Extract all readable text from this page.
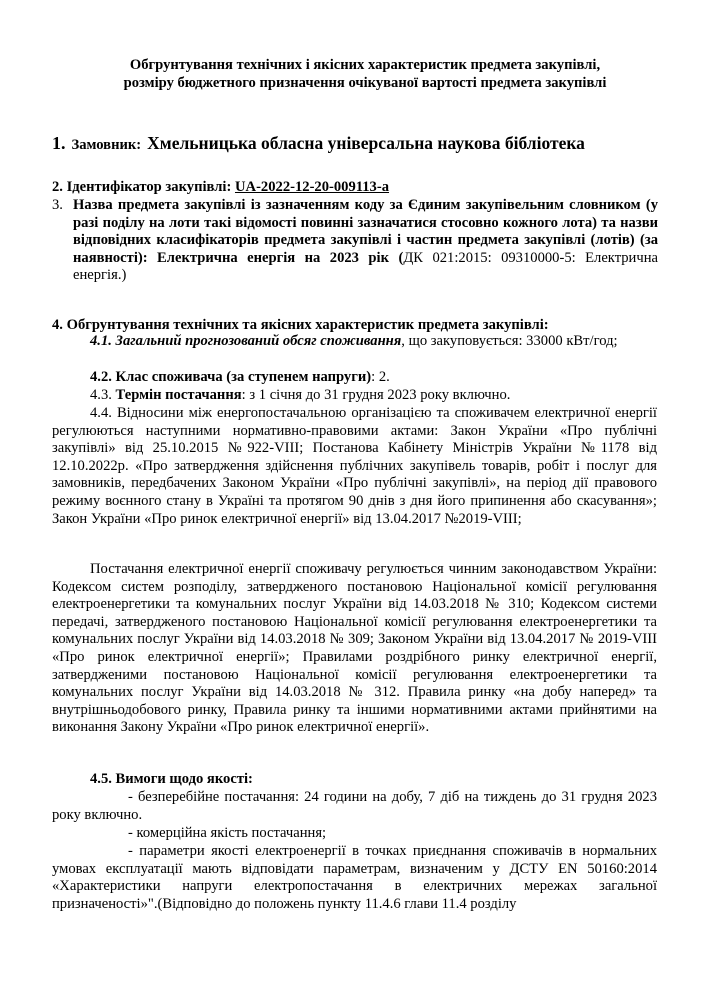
Обгрунтування технічних і якісних характеристик предмета закупівлі,
розміру бюджетного призначення очікуваної вартості предмета закупівлі
1. Замовник: Хмельницька обласна універсальна наукова бібліотека
2. Ідентифікатор закупівлі: UA-2022-12-20-009113-a
3. Назва предмета закупівлі із зазначенням коду за Єдиним закупівельним словником (у разі поділу на лоти такі відомості повинні зазначатися стосовно кожного лота) та назви відповідних класифікаторів предмета закупівлі і частин предмета закупівлі (лотів) (за наявності): Електрична енергія на 2023 рік (ДК 021:2015: 09310000-5: Електрична енергія.)
4. Обгрунтування технічних та якісних характеристик предмета закупівлі:
4.1. Загальний прогнозований обсяг споживання, що закуповується: 33000 кВт/год;
4.2. Клас споживача (за ступенем напруги): 2.
4.3. Термін постачання: з 1 січня до 31 грудня 2023 року включно.
4.4. Відносини між енергопостачальною організацією та споживачем електричної енергії регулюються наступними нормативно-правовими актами: Закон України «Про публічні закупівлі» від 25.10.2015 №922-VIII; Постанова Кабінету Міністрів України №1178 від 12.10.2022р. «Про затвердження здійснення публічних закупівель товарів, робіт і послуг для замовників, передбачених Законом України «Про публічні закупівлі», на період дії правового режиму воєнного стану в Україні та протягом 90 днів з дня його припинення або скасування»; Закон України «Про ринок електричної енергії» від 13.04.2017 №2019-VIII;
Постачання електричної енергії споживачу регулюється чинним законодавством України: Кодексом систем розподілу, затвердженого постановою Національної комісії регулювання електроенергетики та комунальних послуг України від 14.03.2018 № 310; Кодексом системи передачі, затвердженого постановою Національної комісії регулювання електроенергетики та комунальних послуг України від 14.03.2018 № 309; Законом України від 13.04.2017 № 2019-VIII «Про ринок електричної енергії»; Правилами роздрібного ринку електричної енергії, затвердженими постановою Національної комісії регулювання електроенергетики та комунальних послуг України від 14.03.2018 № 312. Правила ринку «на добу наперед» та внутрішньодобового ринку, Правила ринку та іншими нормативними актами прийнятими на виконання Закону України «Про ринок електричної енергії».
4.5. Вимоги щодо якості:
- безперебійне постачання: 24 години на добу, 7 діб на тиждень до 31 грудня 2023 року включно.
- комерційна якість постачання;
- параметри якості електроенергії в точках приєднання споживачів в нормальних умовах експлуатації мають відповідати параметрам, визначеним у ДСТУ EN 50160:2014 «Характеристики напруги електропостачання в електричних мережах загальної призначеності»".(Відповідно до положень пункту 11.4.6 глави 11.4 розділу
